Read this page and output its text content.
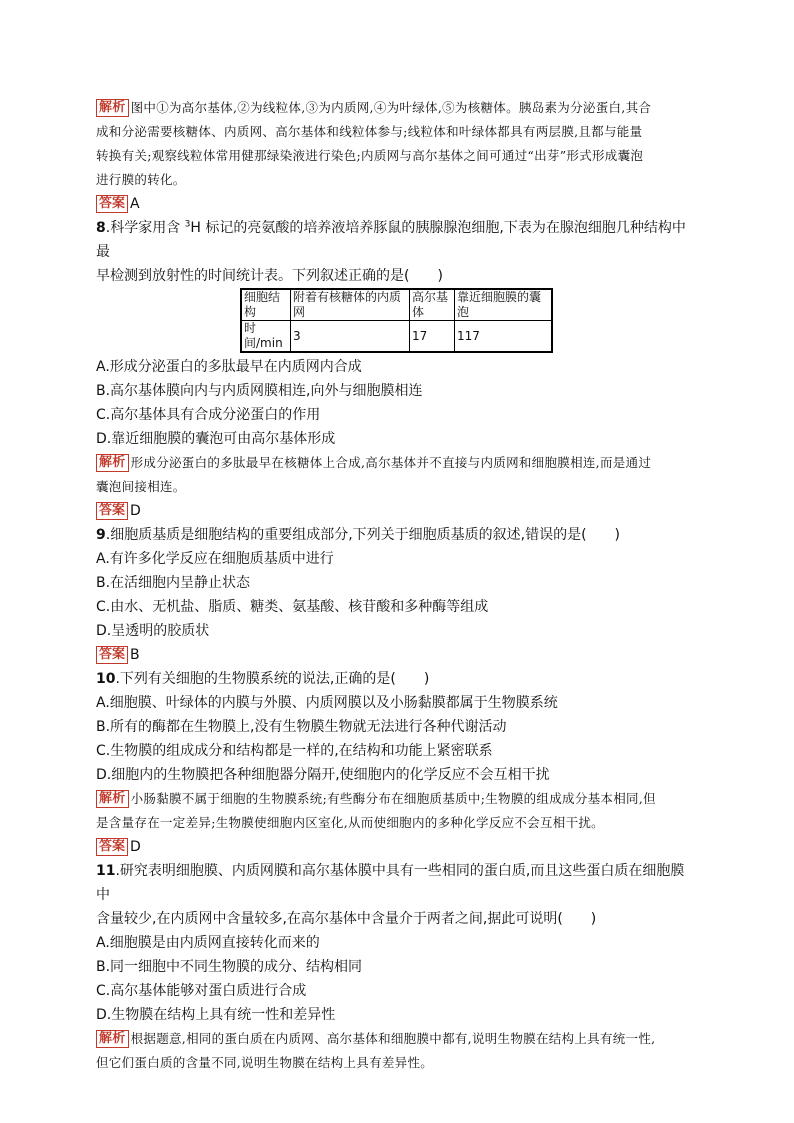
解析 图中①为高尔基体,②为线粒体,③为内质网,④为叶绿体,⑤为核糖体。胰岛素为分泌蛋白,其合
成和分泌需要核糖体、内质网、高尔基体和线粒体参与;线粒体和叶绿体都具有两层膜,且都与能量
转换有关;观察线粒体常用健那绿染液进行染色;内质网与高尔基体之间可通过“出芽”形式形成囊泡
进行膜的转化。
答案 A
8.科学家用含 $^3$H 标记的亮氨酸的培养液培养豚鼠的胰腺腺泡细胞,下表为在腺泡细胞几种结构中最
早检测到放射性的时间统计表。下列叙述正确的是(　　)
细胞结构	附着有核糖体的内质网	高尔基体	靠近细胞膜的囊泡
时间/min	3	17	117
A.形成分泌蛋白的多肽最早在内质网内合成
B.高尔基体膜向内与内质网膜相连,向外与细胞膜相连
C.高尔基体具有合成分泌蛋白的作用
D.靠近细胞膜的囊泡可由高尔基体形成
解析 形成分泌蛋白的多肽最早在核糖体上合成,高尔基体并不直接与内质网和细胞膜相连,而是通过
囊泡间接相连。
答案 D
9.细胞质基质是细胞结构的重要组成部分,下列关于细胞质基质的叙述,错误的是(　　)
A.有许多化学反应在细胞质基质中进行
B.在活细胞内呈静止状态
C.由水、无机盐、脂质、糖类、氨基酸、核苷酸和多种酶等组成
D.呈透明的胶质状
答案 B
10.下列有关细胞的生物膜系统的说法,正确的是(　　)
A.细胞膜、叶绿体的内膜与外膜、内质网膜以及小肠黏膜都属于生物膜系统
B.所有的酶都在生物膜上,没有生物膜生物就无法进行各种代谢活动
C.生物膜的组成成分和结构都是一样的,在结构和功能上紧密联系
D.细胞内的生物膜把各种细胞器分隔开,使细胞内的化学反应不会互相干扰
解析 小肠黏膜不属于细胞的生物膜系统;有些酶分布在细胞质基质中;生物膜的组成成分基本相同,但
是含量存在一定差异;生物膜使细胞内区室化,从而使细胞内的多种化学反应不会互相干扰。
答案 D
11.研究表明细胞膜、内质网膜和高尔基体膜中具有一些相同的蛋白质,而且这些蛋白质在细胞膜中
含量较少,在内质网中含量较多,在高尔基体中含量介于两者之间,据此可说明(　　)
A.细胞膜是由内质网直接转化而来的
B.同一细胞中不同生物膜的成分、结构相同
C.高尔基体能够对蛋白质进行合成
D.生物膜在结构上具有统一性和差异性
解析 根据题意,相同的蛋白质在内质网、高尔基体和细胞膜中都有,说明生物膜在结构上具有统一性,
但它们蛋白质的含量不同,说明生物膜在结构上具有差异性。
